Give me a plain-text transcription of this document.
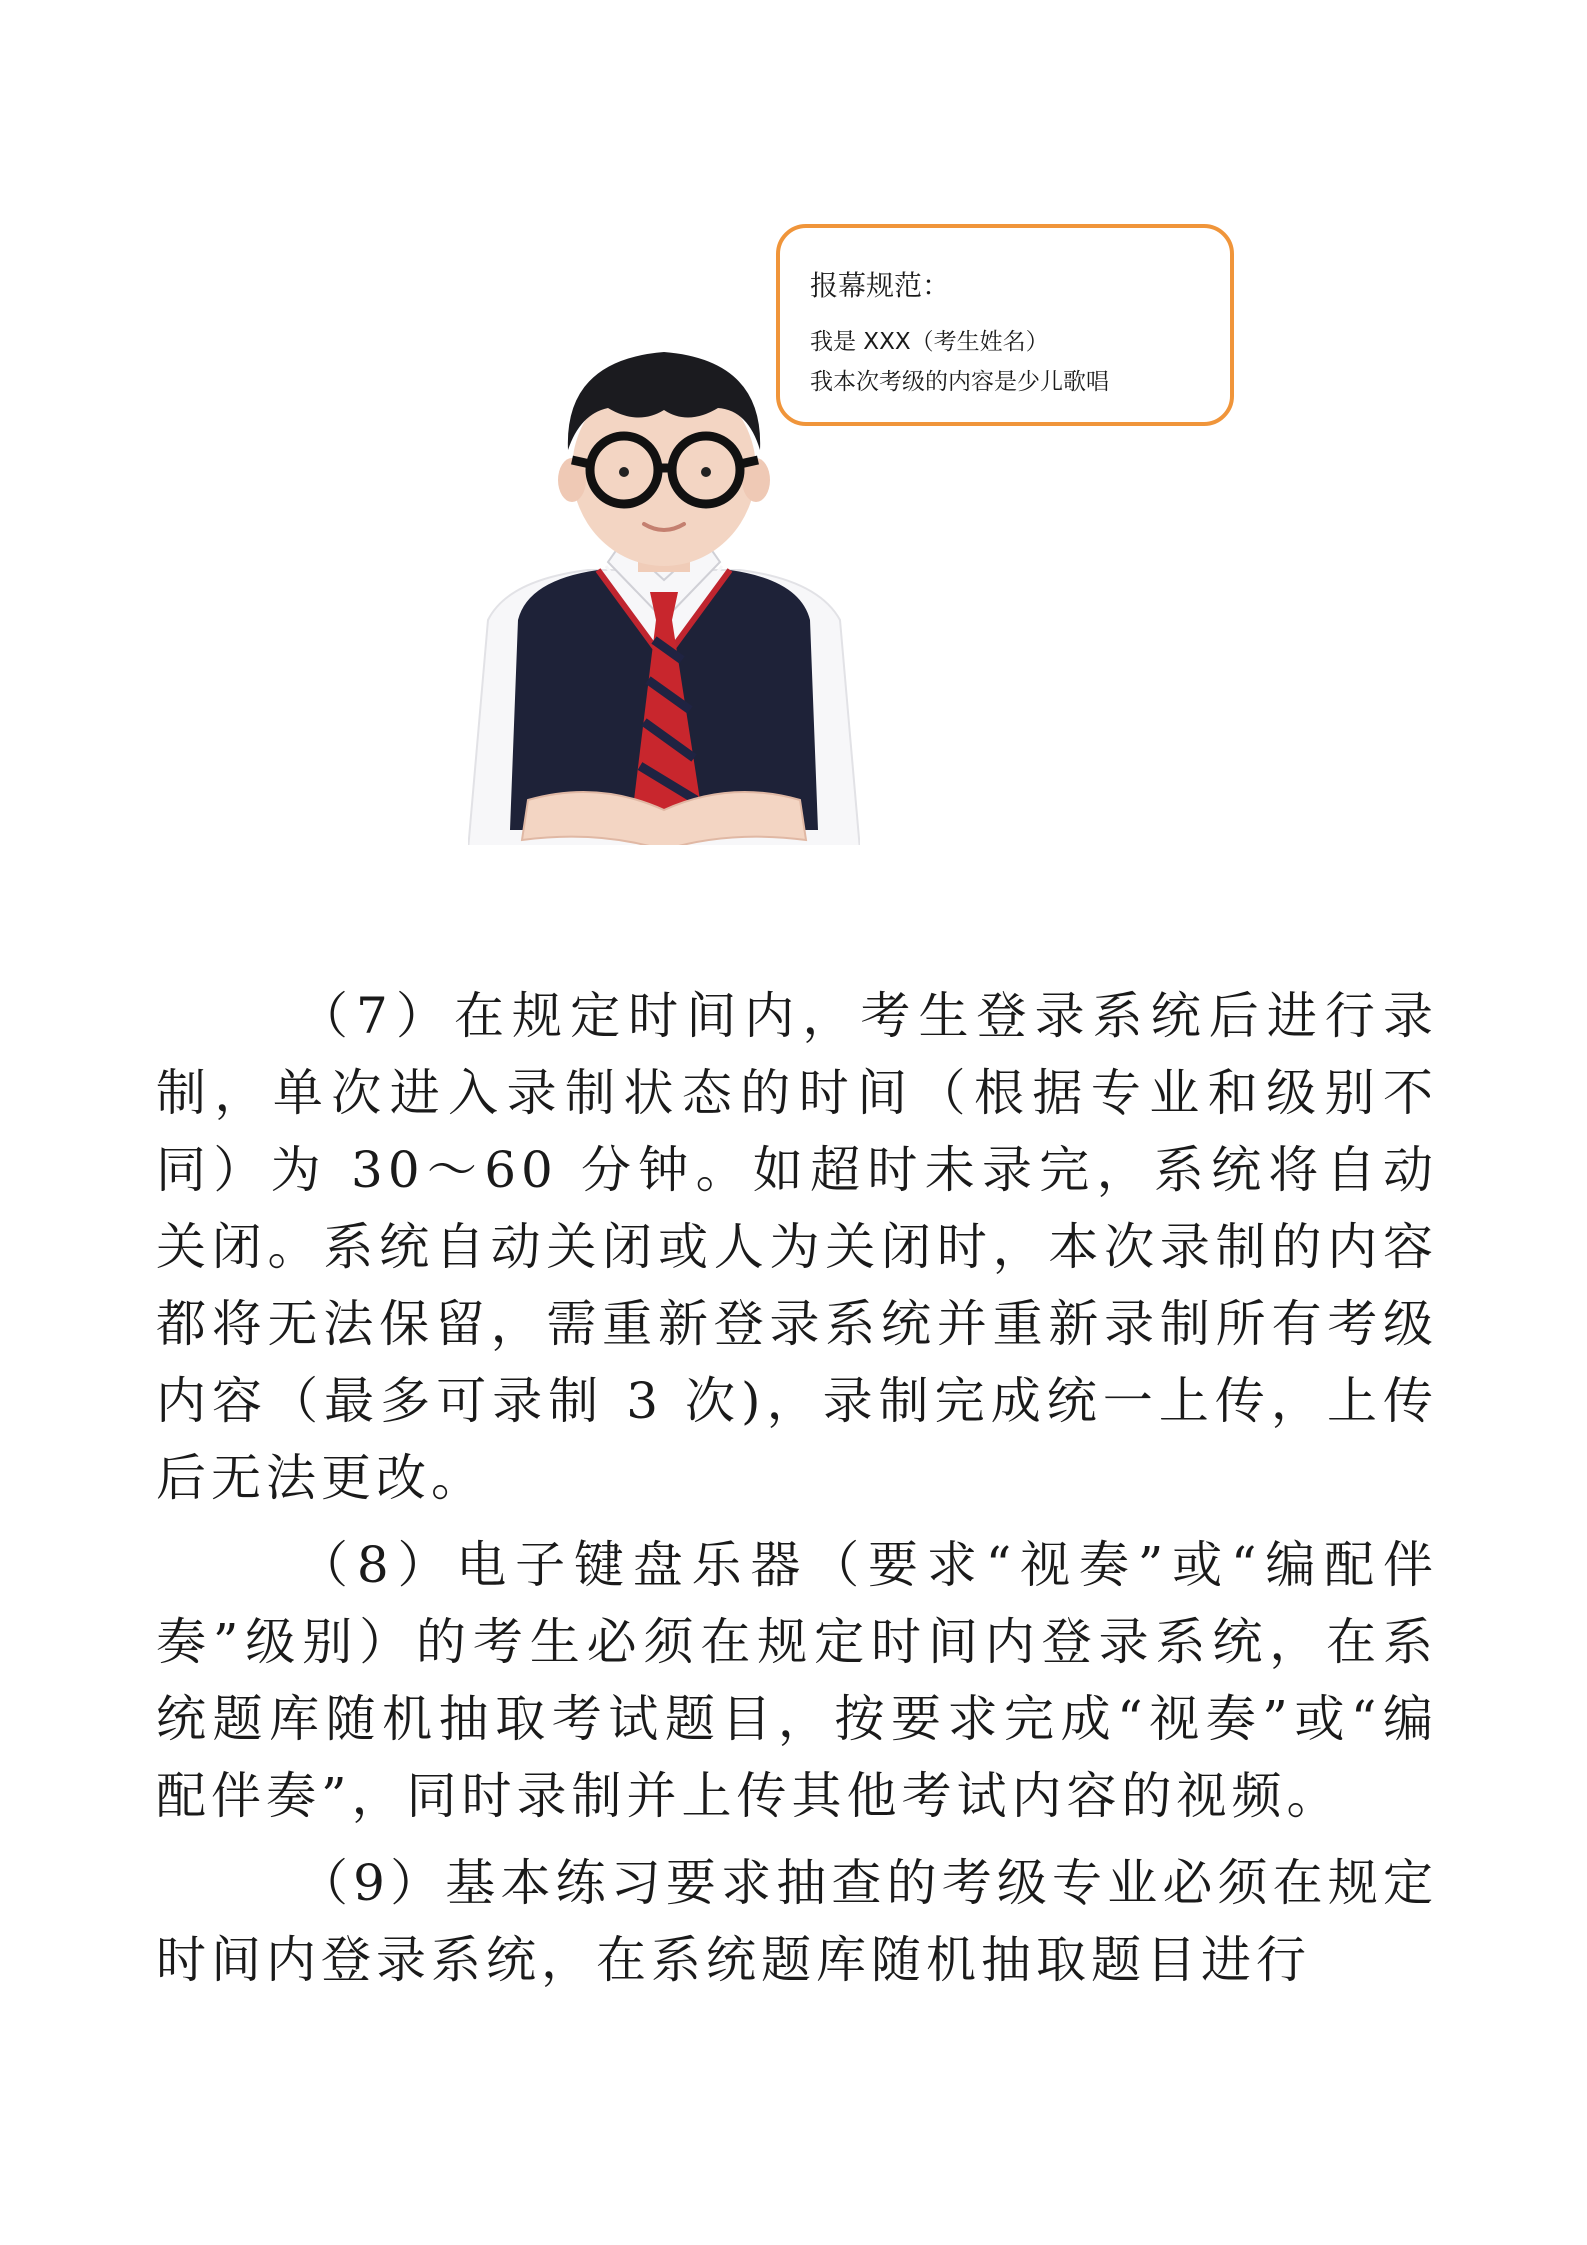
报幕规范：

我是 XXX（考生姓名）

我本次考级的内容是少儿歌唱

（7）在规定时间内，考生登录系统后进行录制，单次进入录制状态的时间（根据专业和级别不同）为 30～60 分钟。如超时未录完，系统将自动关闭。系统自动关闭或人为关闭时，本次录制的内容都将无法保留，需重新登录系统并重新录制所有考级内容（最多可录制 3 次)，录制完成统一上传，上传后无法更改。

（8）电子键盘乐器（要求“视奏”或“编配伴奏”级别）的考生必须在规定时间内登录系统，在系统题库随机抽取考试题目，按要求完成“视奏”或“编配伴奏”，同时录制并上传其他考试内容的视频。

（9）基本练习要求抽查的考级专业必须在规定时间内登录系统，在系统题库随机抽取题目进行
